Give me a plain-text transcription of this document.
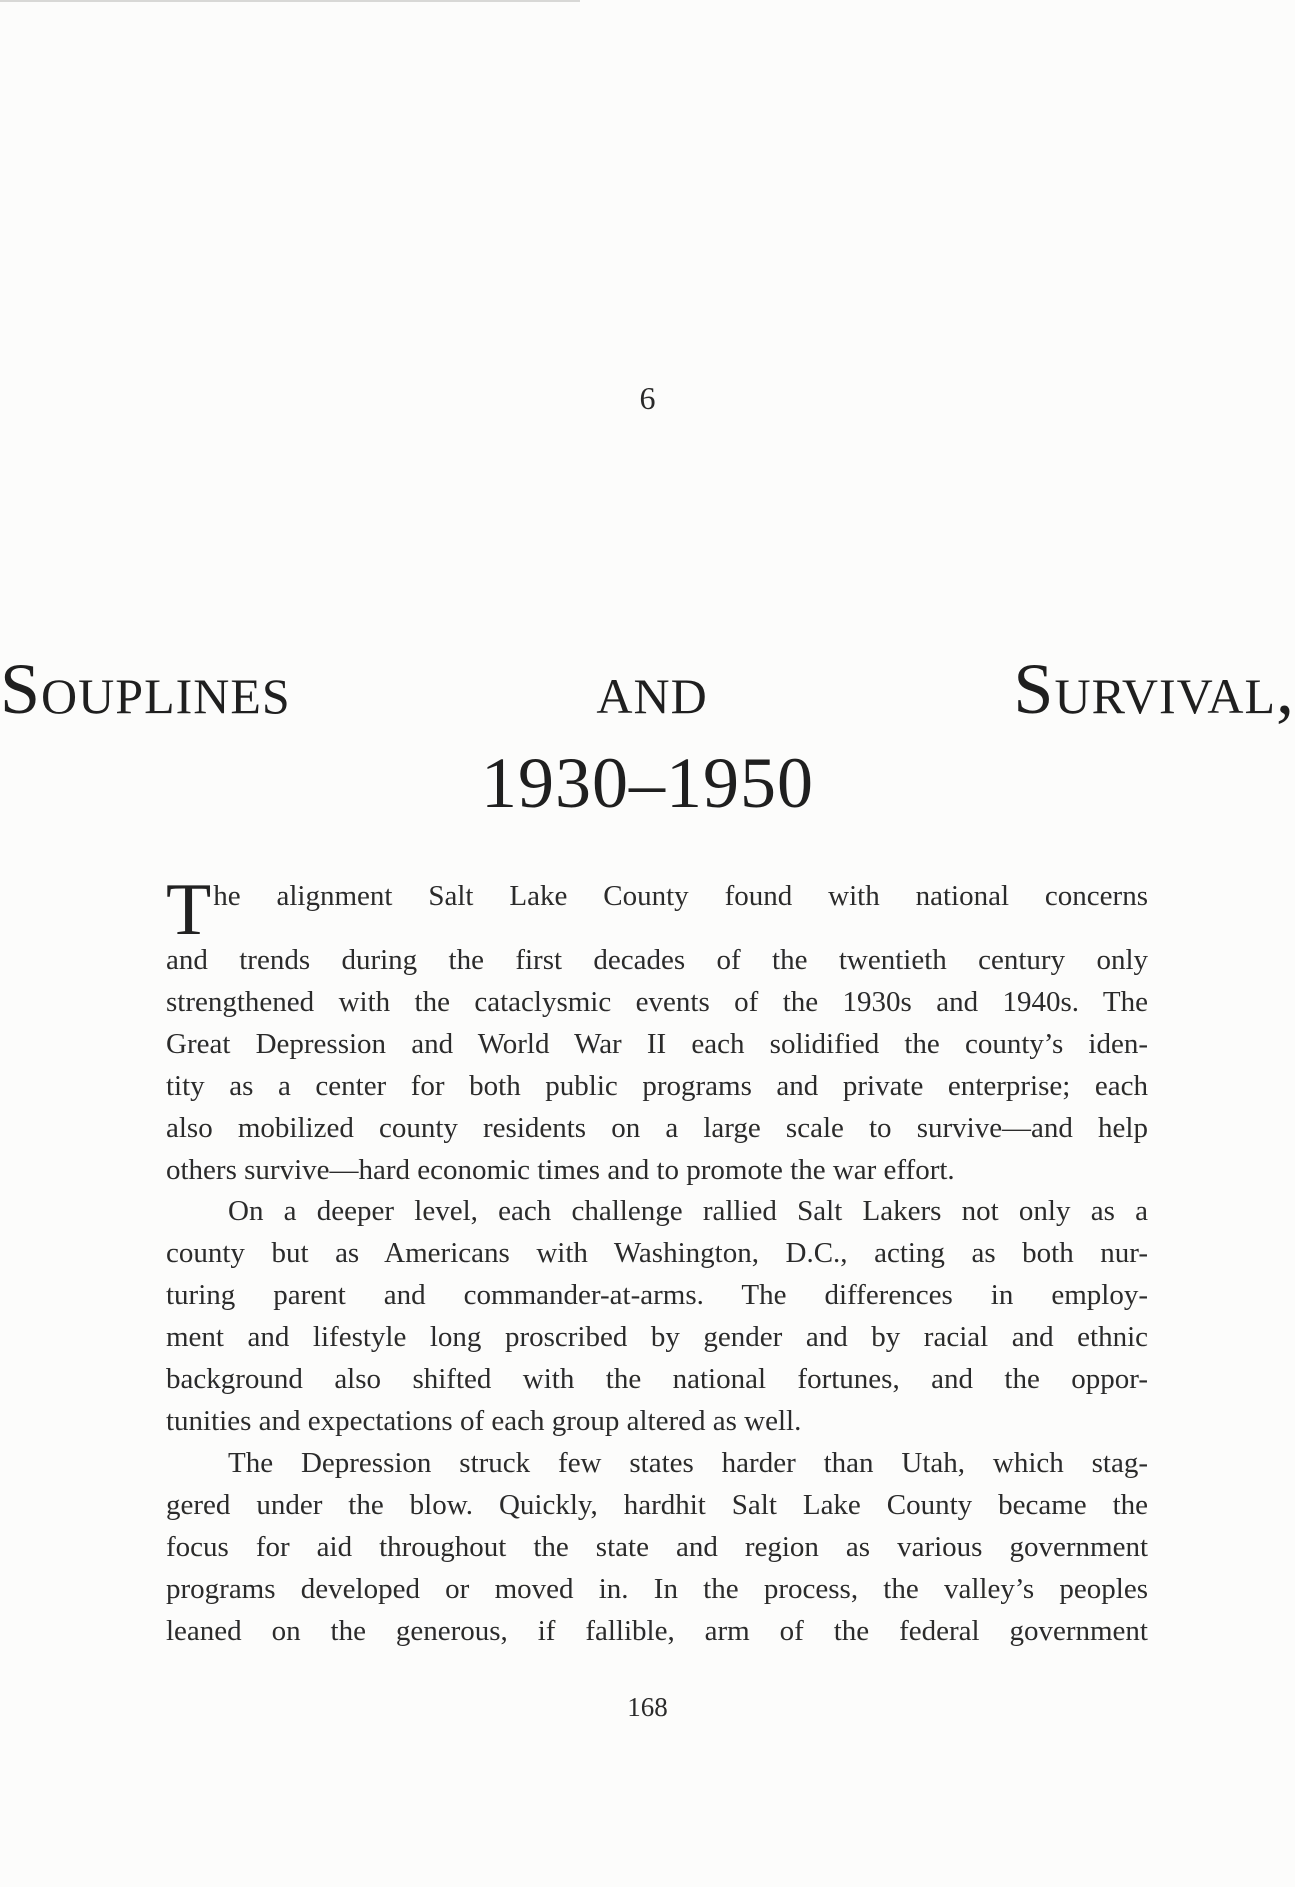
6
Souplines and Survival,
1930–1950
T he alignment Salt Lake County found with national concerns
and trends during the first decades of the twentieth century only
strengthened with the cataclysmic events of the 1930s and 1940s. The
Great Depression and World War II each solidified the county’s iden-
tity as a center for both public programs and private enterprise; each
also mobilized county residents on a large scale to survive—and help
others survive—hard economic times and to promote the war effort.
On a deeper level, each challenge rallied Salt Lakers not only as a
county but as Americans with Washington, D.C., acting as both nur-
turing parent and commander-at-arms. The differences in employ-
ment and lifestyle long proscribed by gender and by racial and ethnic
background also shifted with the national fortunes, and the oppor-
tunities and expectations of each group altered as well.
The Depression struck few states harder than Utah, which stag-
gered under the blow. Quickly, hardhit Salt Lake County became the
focus for aid throughout the state and region as various government
programs developed or moved in. In the process, the valley’s peoples
leaned on the generous, if fallible, arm of the federal government
168
